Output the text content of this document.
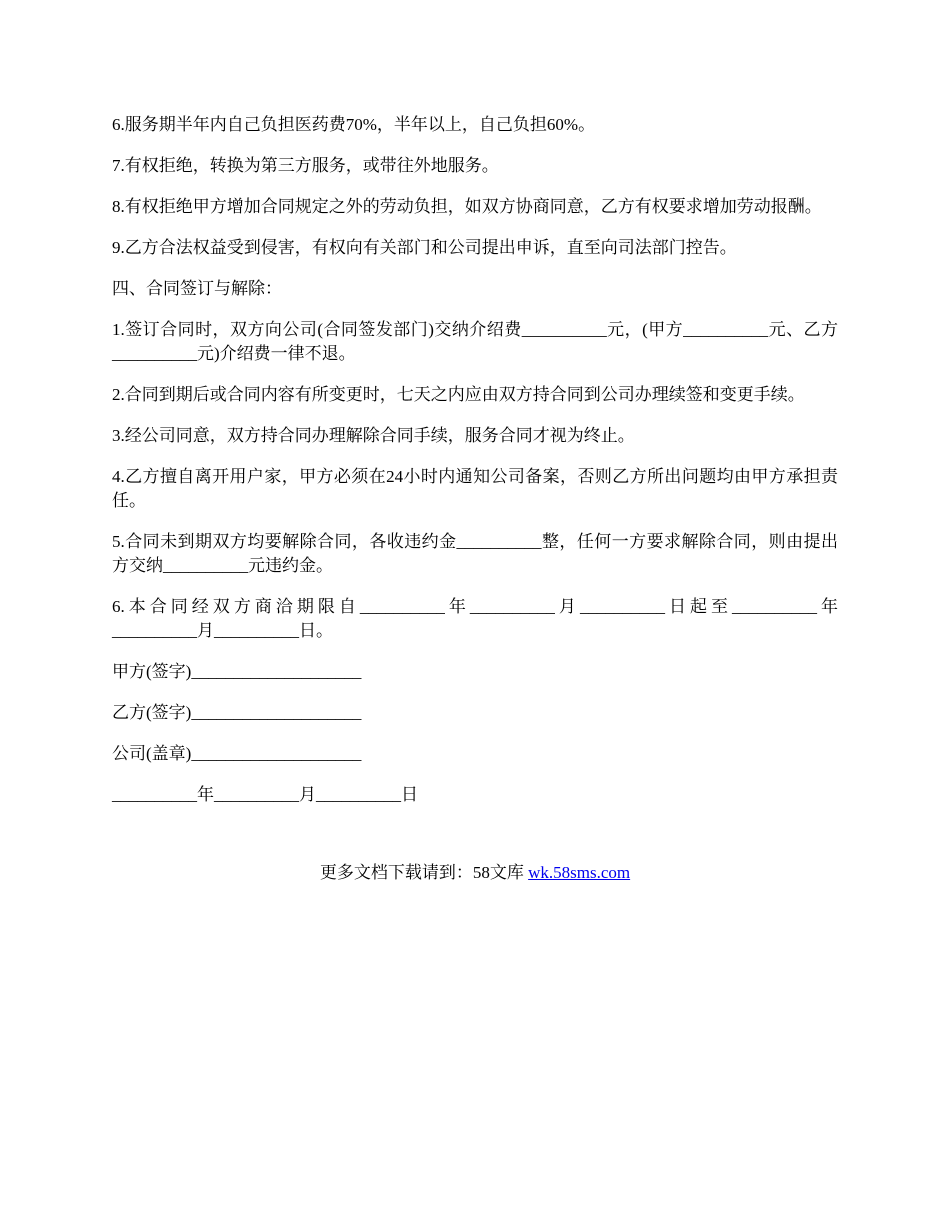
6.服务期半年内自己负担医药费70%，半年以上，自己负担60%。

7.有权拒绝，转换为第三方服务，或带往外地服务。

8.有权拒绝甲方增加合同规定之外的劳动负担，如双方协商同意，乙方有权要求增加劳动报酬。

9.乙方合法权益受到侵害，有权向有关部门和公司提出申诉，直至向司法部门控告。

四、合同签订与解除：

1.签订合同时，双方向公司(合同签发部门)交纳介绍费__________元，(甲方__________元、乙方__________元)介绍费一律不退。

2.合同到期后或合同内容有所变更时，七天之内应由双方持合同到公司办理续签和变更手续。

3.经公司同意，双方持合同办理解除合同手续，服务合同才视为终止。

4.乙方擅自离开用户家，甲方必须在24小时内通知公司备案，否则乙方所出问题均由甲方承担责任。

5.合同未到期双方均要解除合同，各收违约金__________整，任何一方要求解除合同，则由提出方交纳__________元违约金。

6.本合同经双方商洽期限自__________年__________月__________日起至__________年__________月__________日。

甲方(签字)____________________

乙方(签字)____________________

公司(盖章)____________________

__________年__________月__________日

更多文档下载请到：58文库 wk.58sms.com
